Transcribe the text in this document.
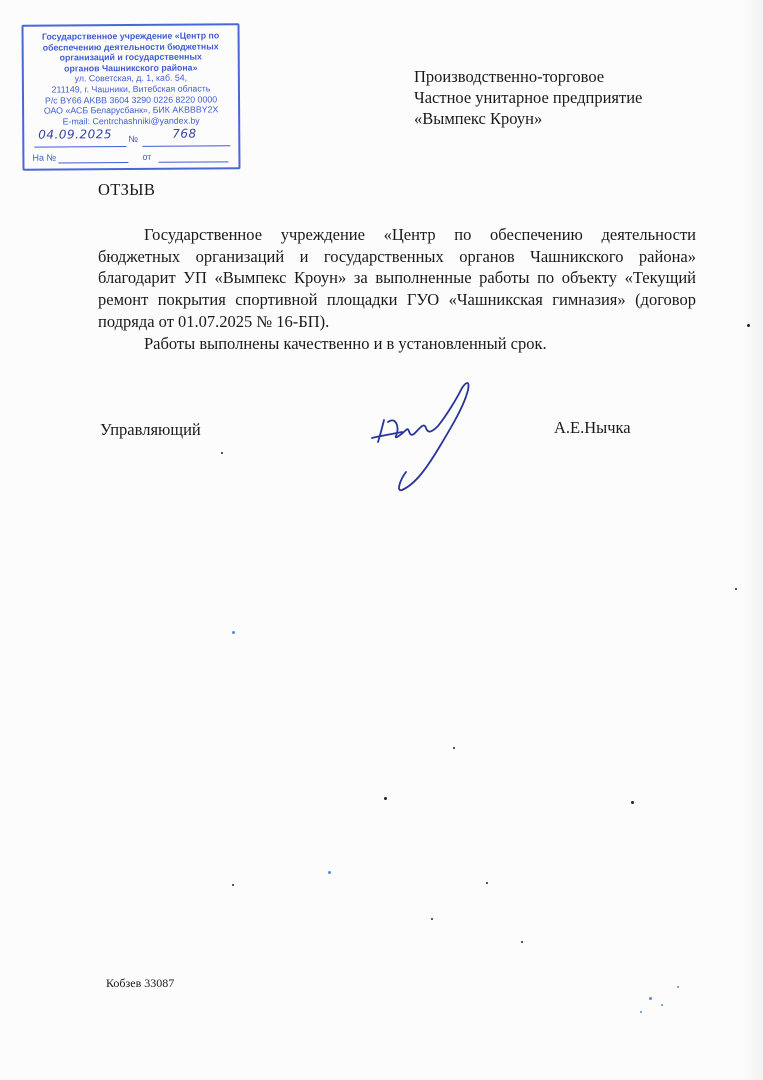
Государственное учреждение «Центр по
обеспечению деятельности бюджетных
организаций и государственных
органов Чашникского района»
ул. Советская, д. 1, каб. 54,
211149, г. Чашники, Витебская область
Р/с BY66 AKBB 3604 3290 0226 8220 0000
ОАО «АСБ Беларусбанк», БИК AKBBBY2X
E-mail: Centrchashniki@yandex.by
04.09.2025 №	768
На №	от
Производственно-торговое
Частное унитарное предприятие
«Вымпекс Кроун»
ОТЗЫВ

Государственное учреждение «Центр по обеспечению деятельности бюджетных организаций и государственных органов Чашникского района» благодарит УП «Вымпекс Кроун» за выполненные работы по объекту «Текущий ремонт покрытия спортивной площадки ГУО «Чашникская гимназия» (договор подряда от 01.07.2025 № 16-БП).

Работы выполнены качественно и в установленный срок.

Управляющий	А.Е.Нычка
Кобзев 33087
